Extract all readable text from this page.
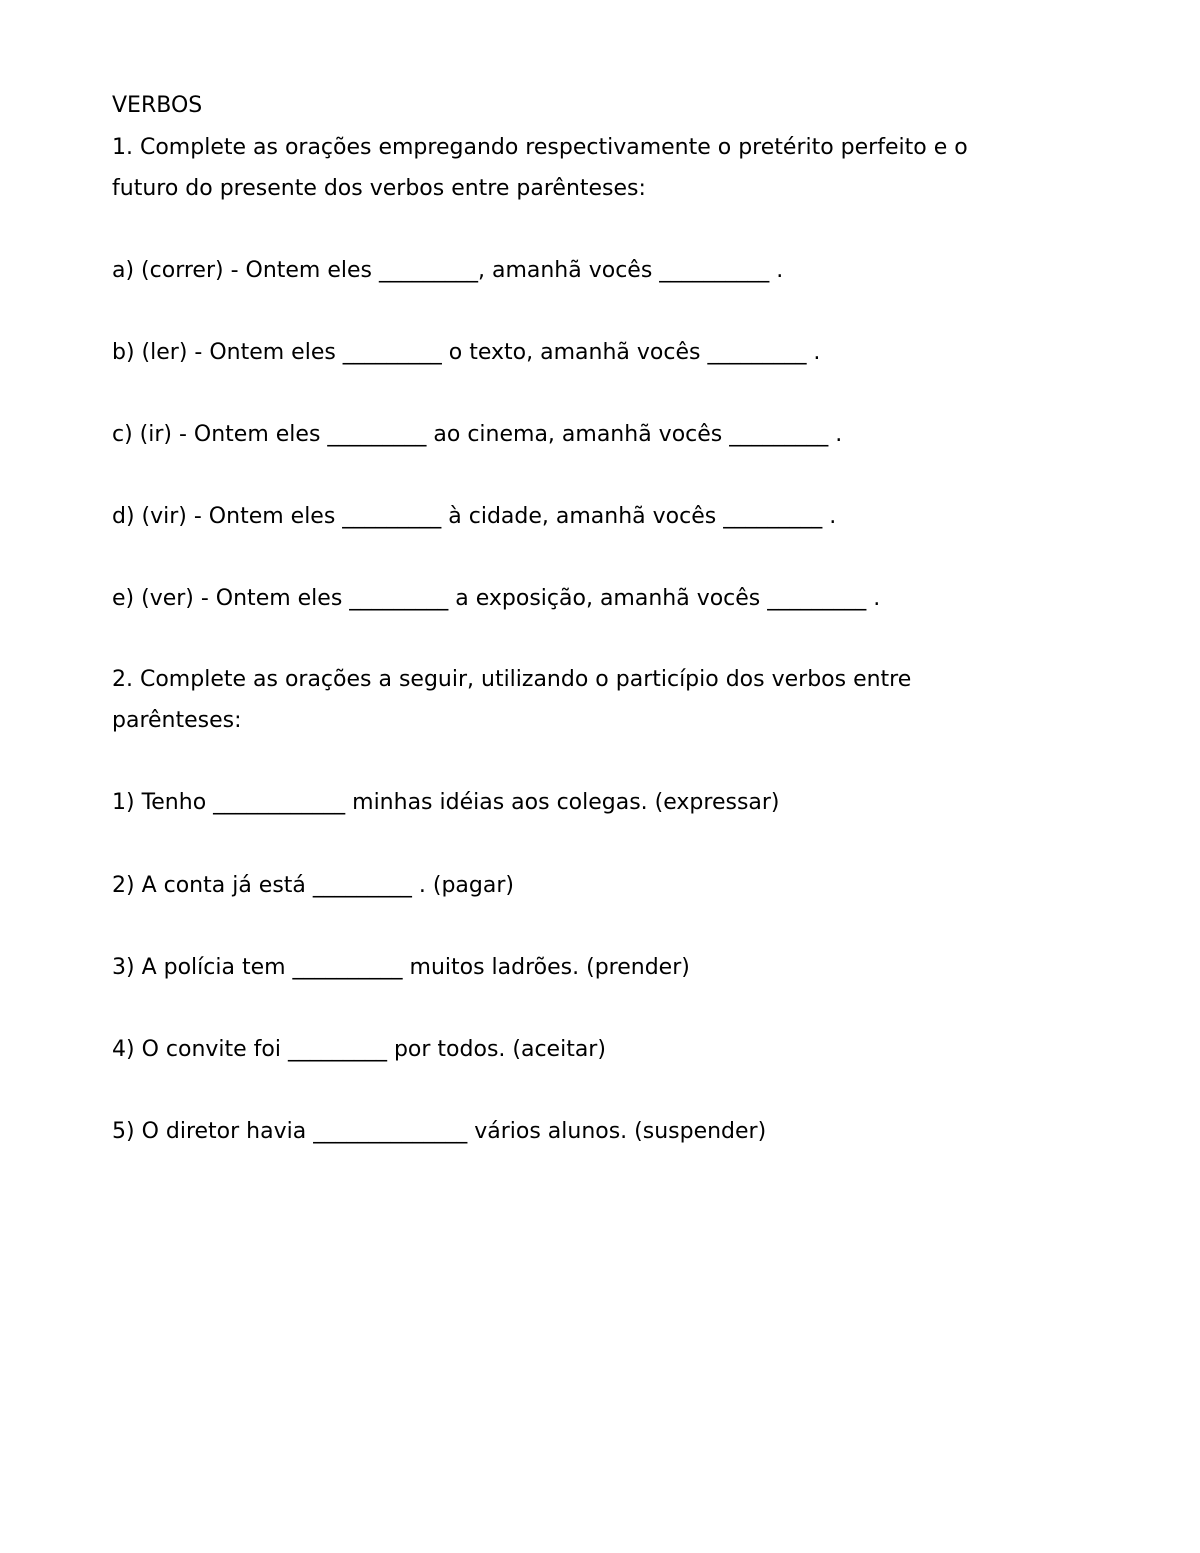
VERBOS
1. Complete as orações empregando respectivamente o pretérito perfeito e o
futuro do presente dos verbos entre parênteses:
a) (correr) - Ontem eles _________, amanhã vocês __________ .
b) (ler) - Ontem eles _________ o texto, amanhã vocês _________ .
c) (ir) - Ontem eles _________ ao cinema, amanhã vocês _________ .
d) (vir) - Ontem eles _________ à cidade, amanhã vocês _________ .
e) (ver) - Ontem eles _________ a exposição, amanhã vocês _________ .
2. Complete as orações a seguir, utilizando o particípio dos verbos entre
parênteses:
1) Tenho ____________ minhas idéias aos colegas. (expressar)
2) A conta já está _________ . (pagar)
3) A polícia tem __________ muitos ladrões. (prender)
4) O convite foi _________ por todos. (aceitar)
5) O diretor havia ______________ vários alunos. (suspender)
